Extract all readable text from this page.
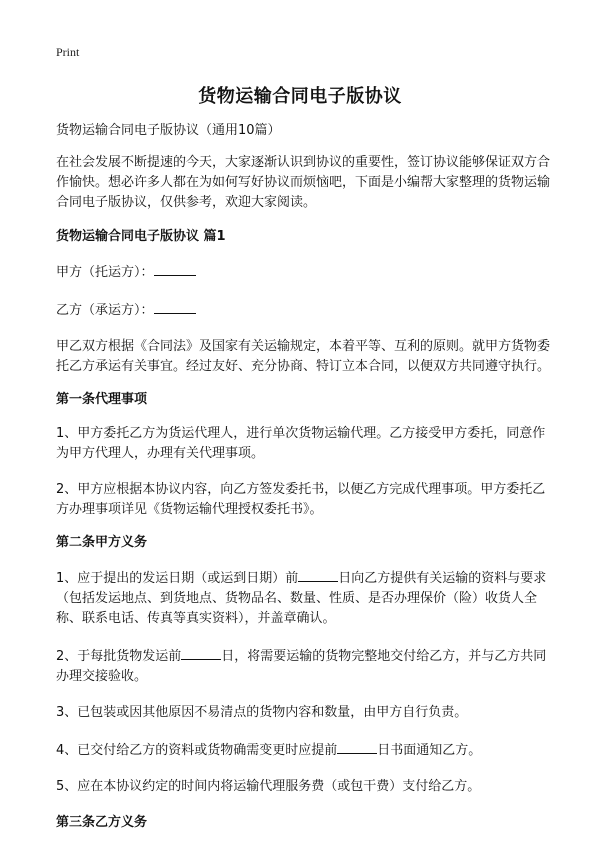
Print
货物运输合同电子版协议

货物运输合同电子版协议（通用10篇）

在社会发展不断提速的今天，大家逐渐认识到协议的重要性，签订协议能够保证双方合作愉快。想必许多人都在为如何写好协议而烦恼吧，下面是小编帮大家整理的货物运输合同电子版协议，仅供参考，欢迎大家阅读。

货物运输合同电子版协议 篇1

甲方（托运方）：

乙方（承运方）：

甲乙双方根据《合同法》及国家有关运输规定，本着平等、互利的原则。就甲方货物委托乙方承运有关事宜。经过友好、充分协商、特订立本合同，以便双方共同遵守执行。

第一条代理事项

1、甲方委托乙方为货运代理人，进行单次货物运输代理。乙方接受甲方委托，同意作为甲方代理人，办理有关代理事项。

2、甲方应根据本协议内容，向乙方签发委托书，以便乙方完成代理事项。甲方委托乙方办理事项详见《货物运输代理授权委托书》。

第二条甲方义务

1、应于提出的发运日期（或运到日期）前	日向乙方提供有关运输的资料与要求（包括发运地点、到货地点、货物品名、数量、性质、是否办理保价（险）收货人全称、联系电话、传真等真实资料），并盖章确认。

2、于每批货物发运前	日，将需要运输的货物完整地交付给乙方，并与乙方共同办理交接验收。

3、已包装或因其他原因不易清点的货物内容和数量，由甲方自行负责。

4、已交付给乙方的资料或货物确需变更时应提前	日书面通知乙方。

5、应在本协议约定的时间内将运输代理服务费（或包干费）支付给乙方。

第三条乙方义务
